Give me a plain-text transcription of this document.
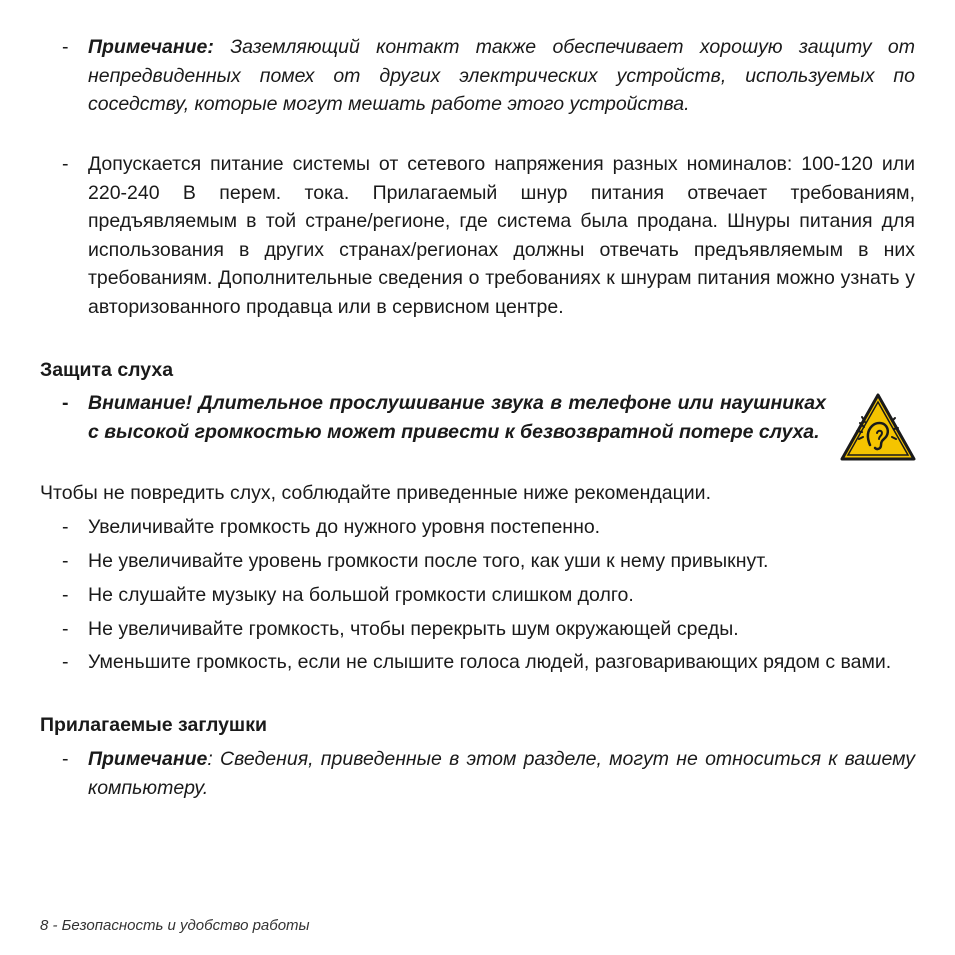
-	Примечание: Заземляющий контакт также обеспечивает хорошую защиту от непредвиденных помех от других электрических устройств, используемых по соседству, которые могут мешать работе этого устройства.
-	Допускается питание системы от сетевого напряжения разных номиналов: 100-120 или 220-240 В перем. тока. Прилагаемый шнур питания отвечает требованиям, предъявляемым в той стране/регионе, где система была продана. Шнуры питания для использования в других странах/регионах должны отвечать предъявляемым в них требованиям. Дополнительные сведения о требованиях к шнурам питания можно узнать у авторизованного продавца или в сервисном центре.
Защита слуха
-	Внимание! Длительное прослушивание звука в телефоне или наушниках с высокой громкостью может привести к безвозвратной потере слуха.
Чтобы не повредить слух, соблюдайте приведенные ниже рекомендации.
-	Увеличивайте громкость до нужного уровня постепенно.
-	Не увеличивайте уровень громкости после того, как уши к нему привыкнут.
-	Не слушайте музыку на большой громкости слишком долго.
-	Не увеличивайте громкость, чтобы перекрыть шум окружающей среды.
-	Уменьшите громкость, если не слышите голоса людей, разговаривающих рядом с вами.
Прилагаемые заглушки
-	Примечание: Сведения, приведенные в этом разделе, могут не относиться к вашему компьютеру.
8 - Безопасность и удобство работы
